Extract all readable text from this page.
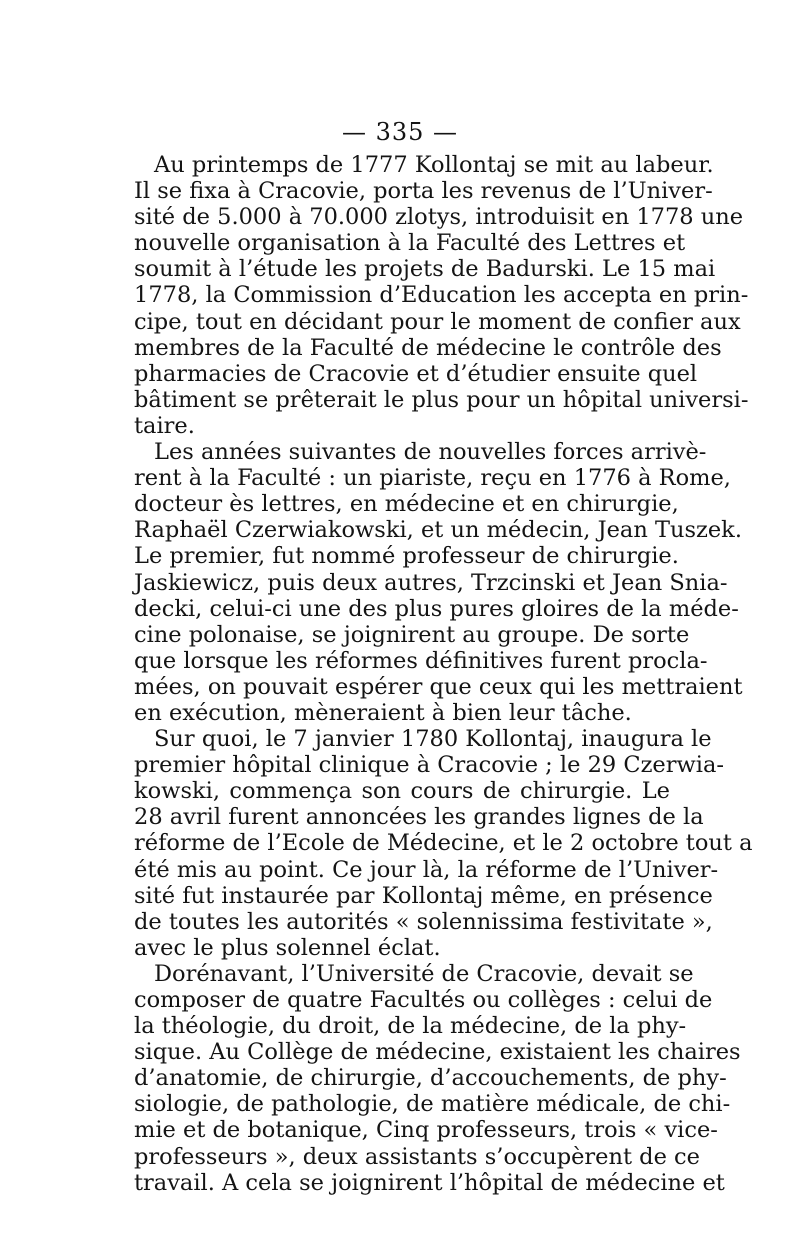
— 335 —
Au printemps de 1777 Kollontaj se mit au labeur.
Il se fixa à Cracovie, porta les revenus de l’Univer-
sité de 5.000 à 70.000 zlotys, introduisit en 1778 une
nouvelle organisation à la Faculté des Lettres et
soumit à l’étude les projets de Badurski. Le 15 mai
1778, la Commission d’Education les accepta en prin-
cipe, tout en décidant pour le moment de confier aux
membres de la Faculté de médecine le contrôle des
pharmacies de Cracovie et d’étudier ensuite quel
bâtiment se prêterait le plus pour un hôpital universi-
taire.
Les années suivantes de nouvelles forces arrivè-
rent à la Faculté : un piariste, reçu en 1776 à Rome,
docteur ès lettres, en médecine et en chirurgie,
Raphaël Czerwiakowski, et un médecin, Jean Tuszek.
Le premier, fut nommé professeur de chirurgie.
Jaskiewicz, puis deux autres, Trzcinski et Jean Snia-
decki, celui-ci une des plus pures gloires de la méde-
cine polonaise, se joignirent au groupe. De sorte
que lorsque les réformes définitives furent procla-
mées, on pouvait espérer que ceux qui les mettraient
en exécution, mèneraient à bien leur tâche.
Sur quoi, le 7 janvier 1780 Kollontaj, inaugura le
premier hôpital clinique à Cracovie ; le 29 Czerwia-
kowski, commença son cours de chirurgie. Le
28 avril furent annoncées les grandes lignes de la
réforme de l’Ecole de Médecine, et le 2 octobre tout a
été mis au point. Ce jour là, la réforme de l’Univer-
sité fut instaurée par Kollontaj même, en présence
de toutes les autorités « solennissima festivitate »,
avec le plus solennel éclat.
Dorénavant, l’Université de Cracovie, devait se
composer de quatre Facultés ou collèges : celui de
la théologie, du droit, de la médecine, de la phy-
sique. Au Collège de médecine, existaient les chaires
d’anatomie, de chirurgie, d’accouchements, de phy-
siologie, de pathologie, de matière médicale, de chi-
mie et de botanique, Cinq professeurs, trois « vice-
professeurs », deux assistants s’occupèrent de ce
travail. A cela se joignirent l’hôpital de médecine et
